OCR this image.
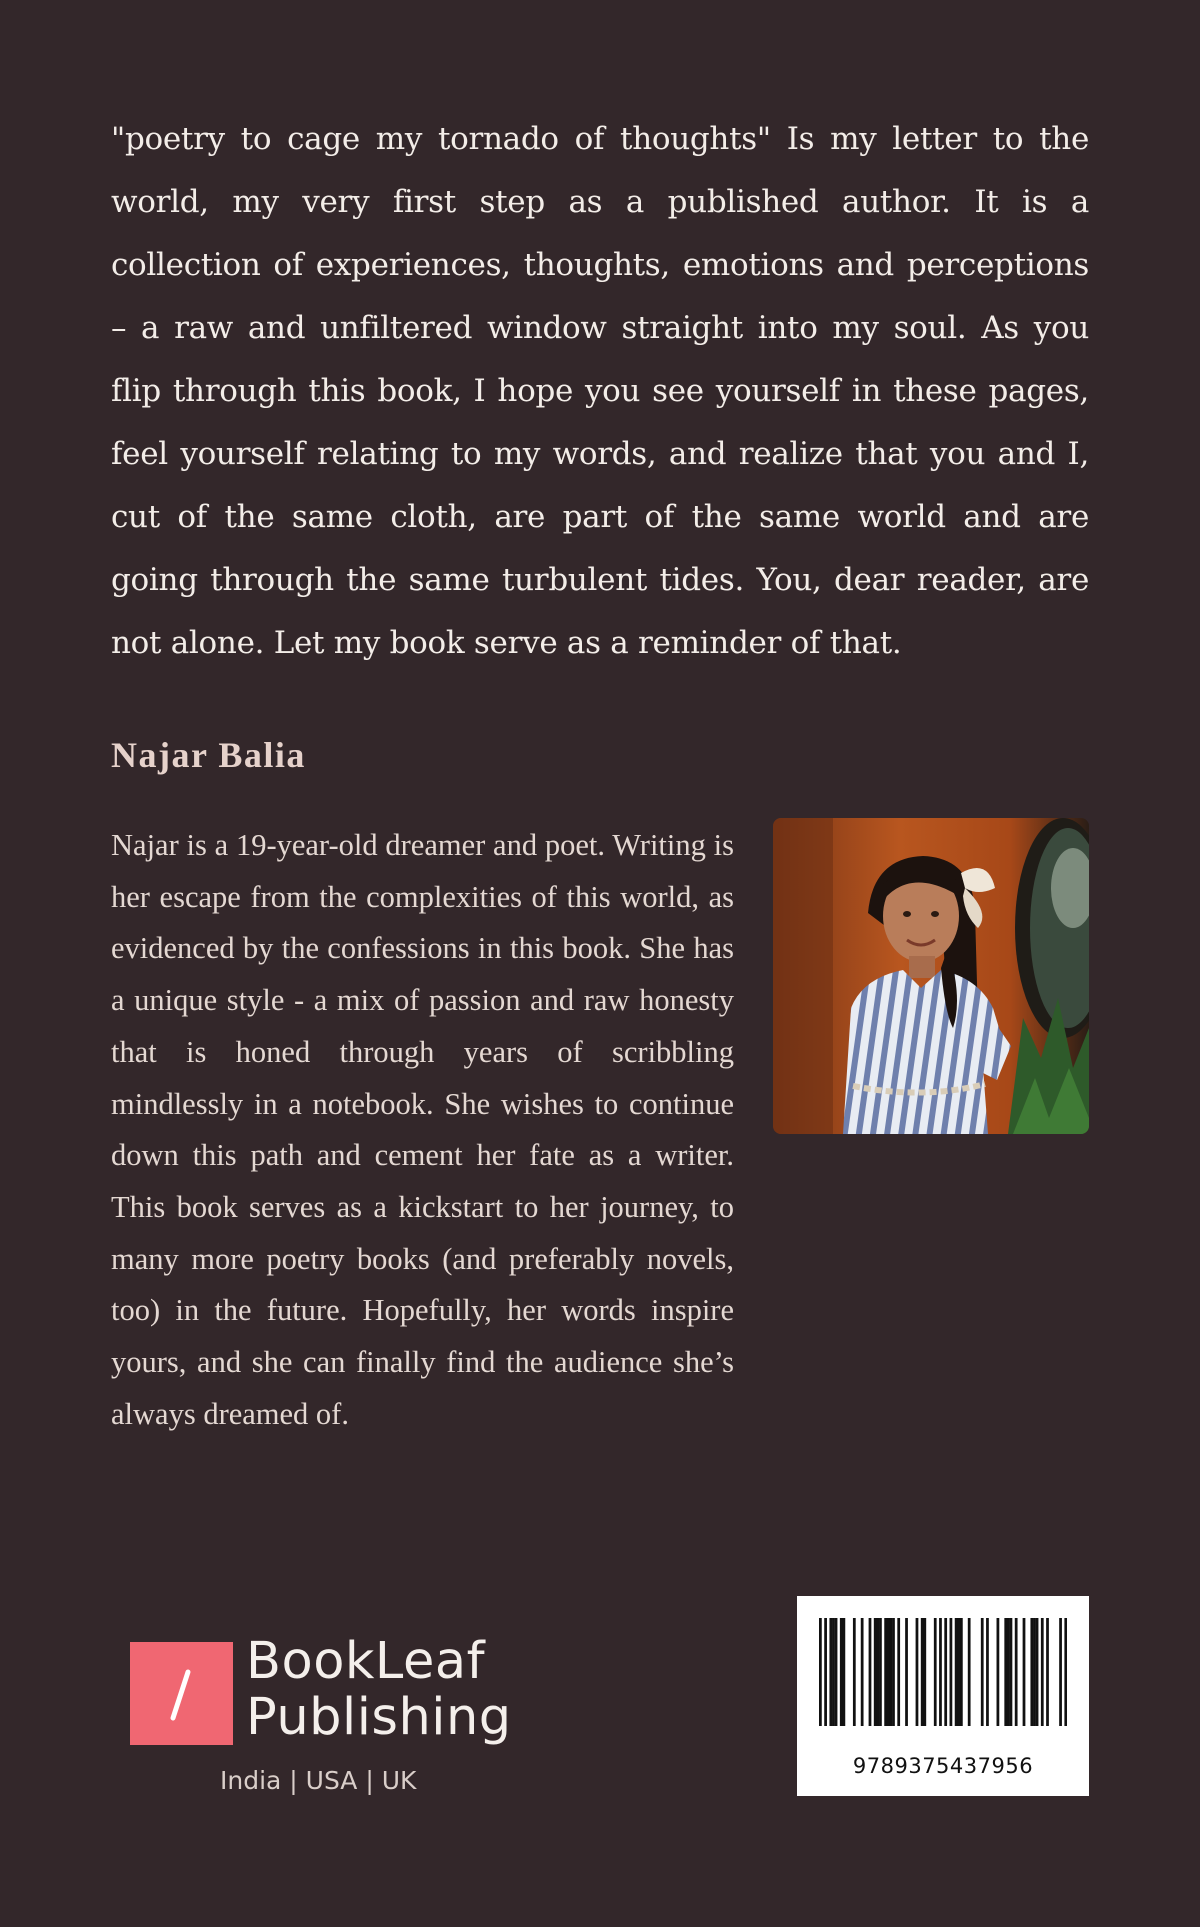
"poetry to cage my tornado of thoughts" Is my letter to the world, my very first step as a published author. It is a collection of experiences, thoughts, emotions and perceptions – a raw and unfiltered window straight into my soul. As you flip through this book, I hope you see yourself in these pages, feel yourself relating to my words, and realize that you and I, cut of the same cloth, are part of the same world and are going through the same turbulent tides. You, dear reader, are not alone. Let my book serve as a reminder of that.

Najar Balia

Najar is a 19-year-old dreamer and poet. Writing is her escape from the complexities of this world, as evidenced by the confessions in this book. She has a unique style - a mix of passion and raw honesty that is honed through years of scribbling mindlessly in a notebook. She wishes to continue down this path and cement her fate as a writer. This book serves as a kickstart to her journey, to many more poetry books (and preferably novels, too) in the future. Hopefully, her words inspire yours, and she can finally find the audience she’s always dreamed of.

BookLeaf
Publishing
India | USA | UK	9789375437956
